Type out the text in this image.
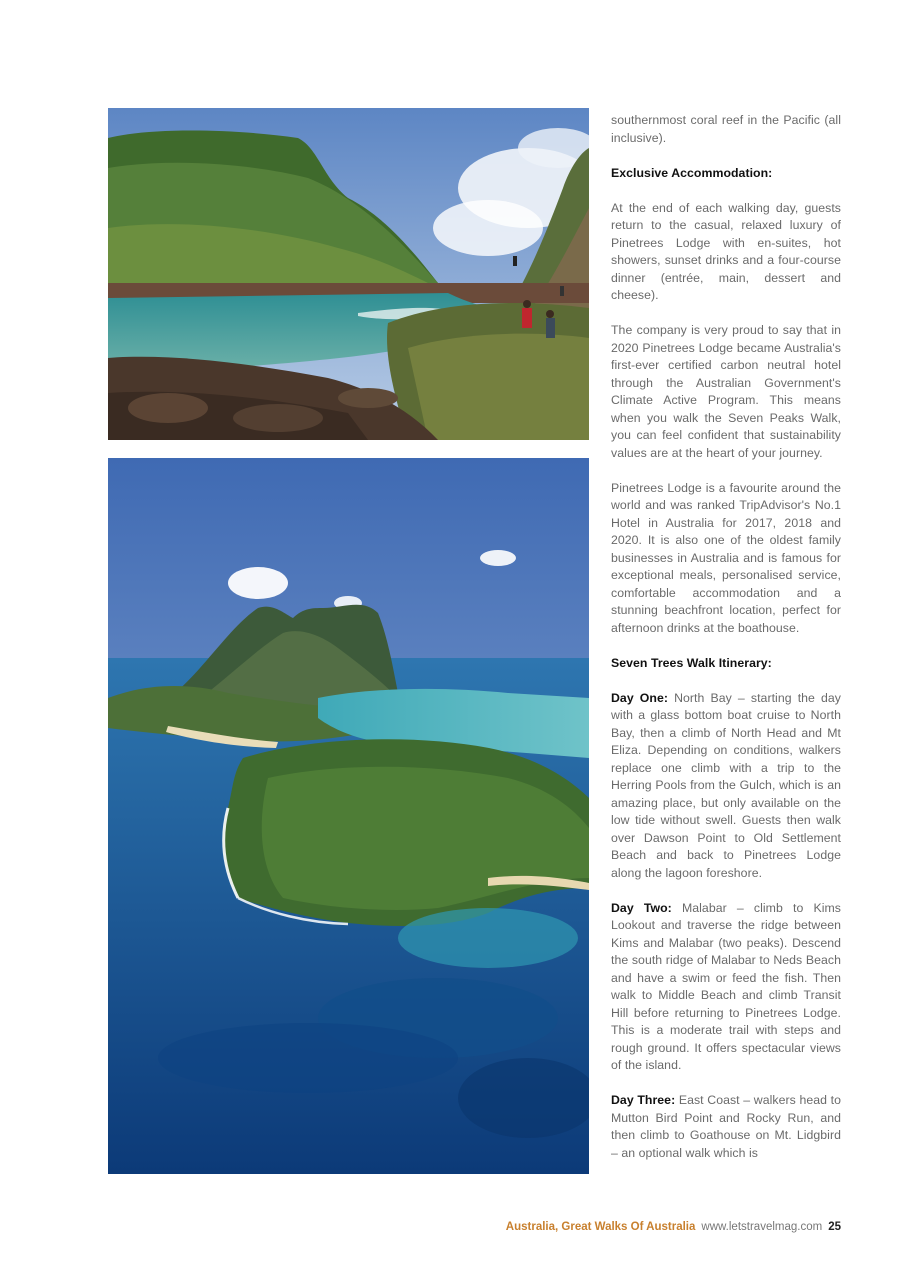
southernmost coral reef in the Pacific (all inclusive).

Exclusive Accommodation:

At the end of each walking day, guests return to the casual, relaxed luxury of Pinetrees Lodge with en-suites, hot showers, sunset drinks and a four-course dinner (entrée, main, dessert and cheese).

The company is very proud to say that in 2020 Pinetrees Lodge became Australia's first-ever certified carbon neutral hotel through the Australian Government's Climate Active Program. This means when you walk the Seven Peaks Walk, you can feel confident that sustainability values are at the heart of your journey.

Pinetrees Lodge is a favourite around the world and was ranked TripAdvisor's No.1 Hotel in Australia for 2017, 2018 and 2020. It is also one of the oldest family businesses in Australia and is famous for exceptional meals, personalised service, comfortable accommodation and a stunning beachfront location, perfect for afternoon drinks at the boathouse.

Seven Trees Walk Itinerary:

Day One: North Bay – starting the day with a glass bottom boat cruise to North Bay, then a climb of North Head and Mt Eliza. Depending on conditions, walkers replace one climb with a trip to the Herring Pools from the Gulch, which is an amazing place, but only available on the low tide without swell. Guests then walk over Dawson Point to Old Settlement Beach and back to Pinetrees Lodge along the lagoon foreshore.

Day Two: Malabar – climb to Kims Lookout and traverse the ridge between Kims and Malabar (two peaks). Descend the south ridge of Malabar to Neds Beach and have a swim or feed the fish. Then walk to Middle Beach and climb Transit Hill before returning to Pinetrees Lodge. This is a moderate trail with steps and rough ground. It offers spectacular views of the island.

Day Three: East Coast – walkers head to Mutton Bird Point and Rocky Run, and then climb to Goathouse on Mt. Lidgbird – an optional walk which is

Australia, Great Walks Of Australia www.letstravelmag.com 25
